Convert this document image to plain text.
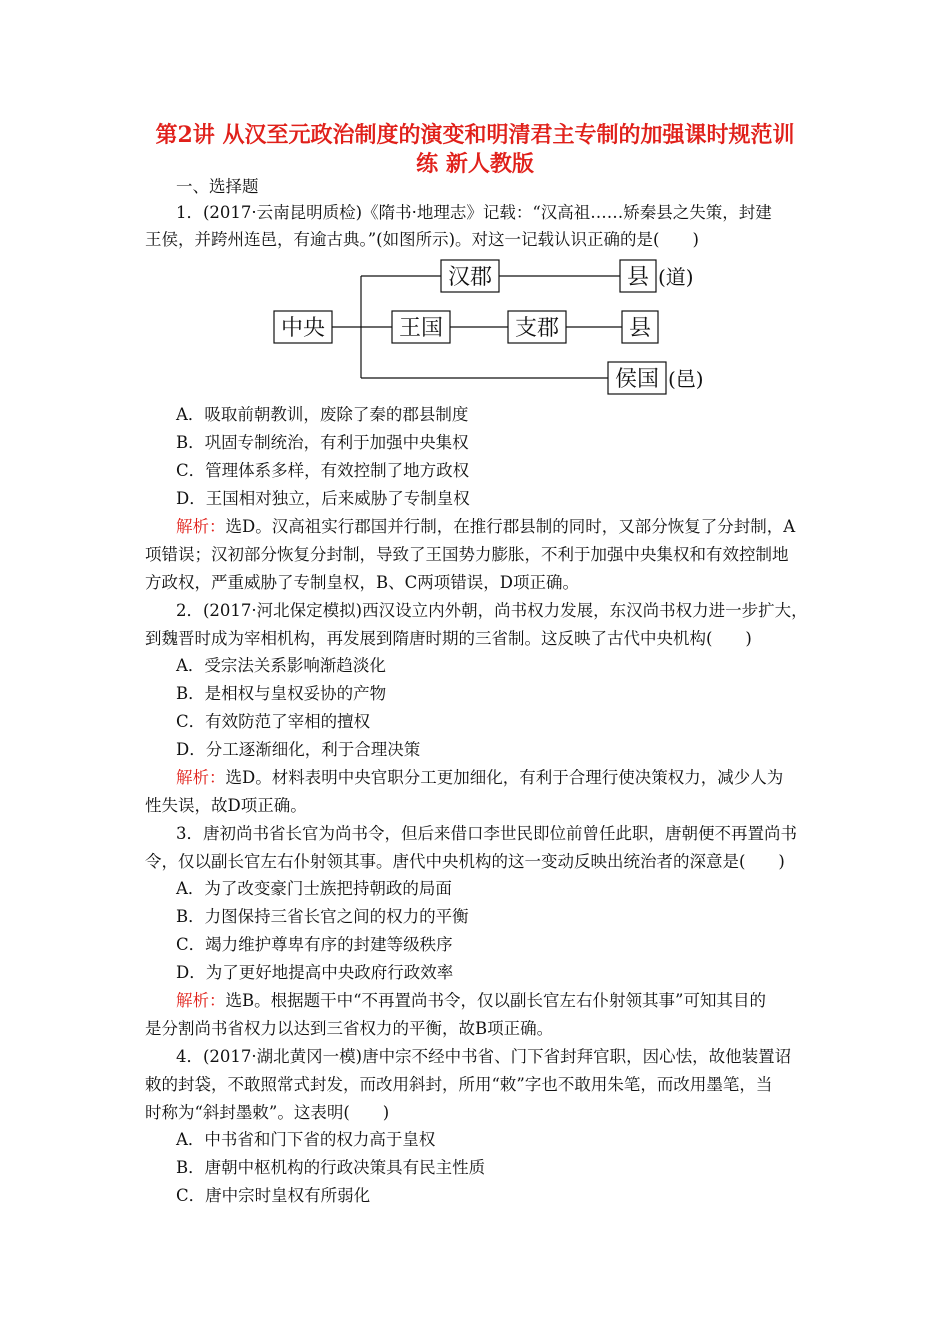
第2讲 从汉至元政治制度的演变和明清君主专制的加强课时规范训
练 新人教版
一、选择题
1．(2017·云南昆明质检)《隋书·地理志》记载：“汉高祖……矫秦县之失策，封建
王侯，并跨州连邑，有逾古典。”(如图所示)。对这一记载认识正确的是(　　)
中央
汉郡	县
王国	支郡	县
侯国
(道)
(邑)
A．吸取前朝教训，废除了秦的郡县制度
B．巩固专制统治，有利于加强中央集权
C．管理体系多样，有效控制了地方政权
D．王国相对独立，后来威胁了专制皇权
解析：选D。汉高祖实行郡国并行制，在推行郡县制的同时，又部分恢复了分封制，A
项错误；汉初部分恢复分封制，导致了王国势力膨胀，不利于加强中央集权和有效控制地
方政权，严重威胁了专制皇权，B、C两项错误，D项正确。
2．(2017·河北保定模拟)西汉设立内外朝，尚书权力发展，东汉尚书权力进一步扩大，
到魏晋时成为宰相机构，再发展到隋唐时期的三省制。这反映了古代中央机构(　　)
A．受宗法关系影响渐趋淡化
B．是相权与皇权妥协的产物
C．有效防范了宰相的擅权
D．分工逐渐细化，利于合理决策
解析：选D。材料表明中央官职分工更加细化，有利于合理行使决策权力，减少人为
性失误，故D项正确。
3．唐初尚书省长官为尚书令，但后来借口李世民即位前曾任此职，唐朝便不再置尚书
令，仅以副长官左右仆射领其事。唐代中央机构的这一变动反映出统治者的深意是(　　)
A．为了改变豪门士族把持朝政的局面
B．力图保持三省长官之间的权力的平衡
C．竭力维护尊卑有序的封建等级秩序
D．为了更好地提高中央政府行政效率
解析：选B。根据题干中“不再置尚书令，仅以副长官左右仆射领其事”可知其目的
是分割尚书省权力以达到三省权力的平衡，故B项正确。
4．(2017·湖北黄冈一模)唐中宗不经中书省、门下省封拜官职，因心怯，故他装置诏
敕的封袋，不敢照常式封发，而改用斜封，所用“敕”字也不敢用朱笔，而改用墨笔，当
时称为“斜封墨敕”。这表明(　　)
A．中书省和门下省的权力高于皇权
B．唐朝中枢机构的行政决策具有民主性质
C．唐中宗时皇权有所弱化
